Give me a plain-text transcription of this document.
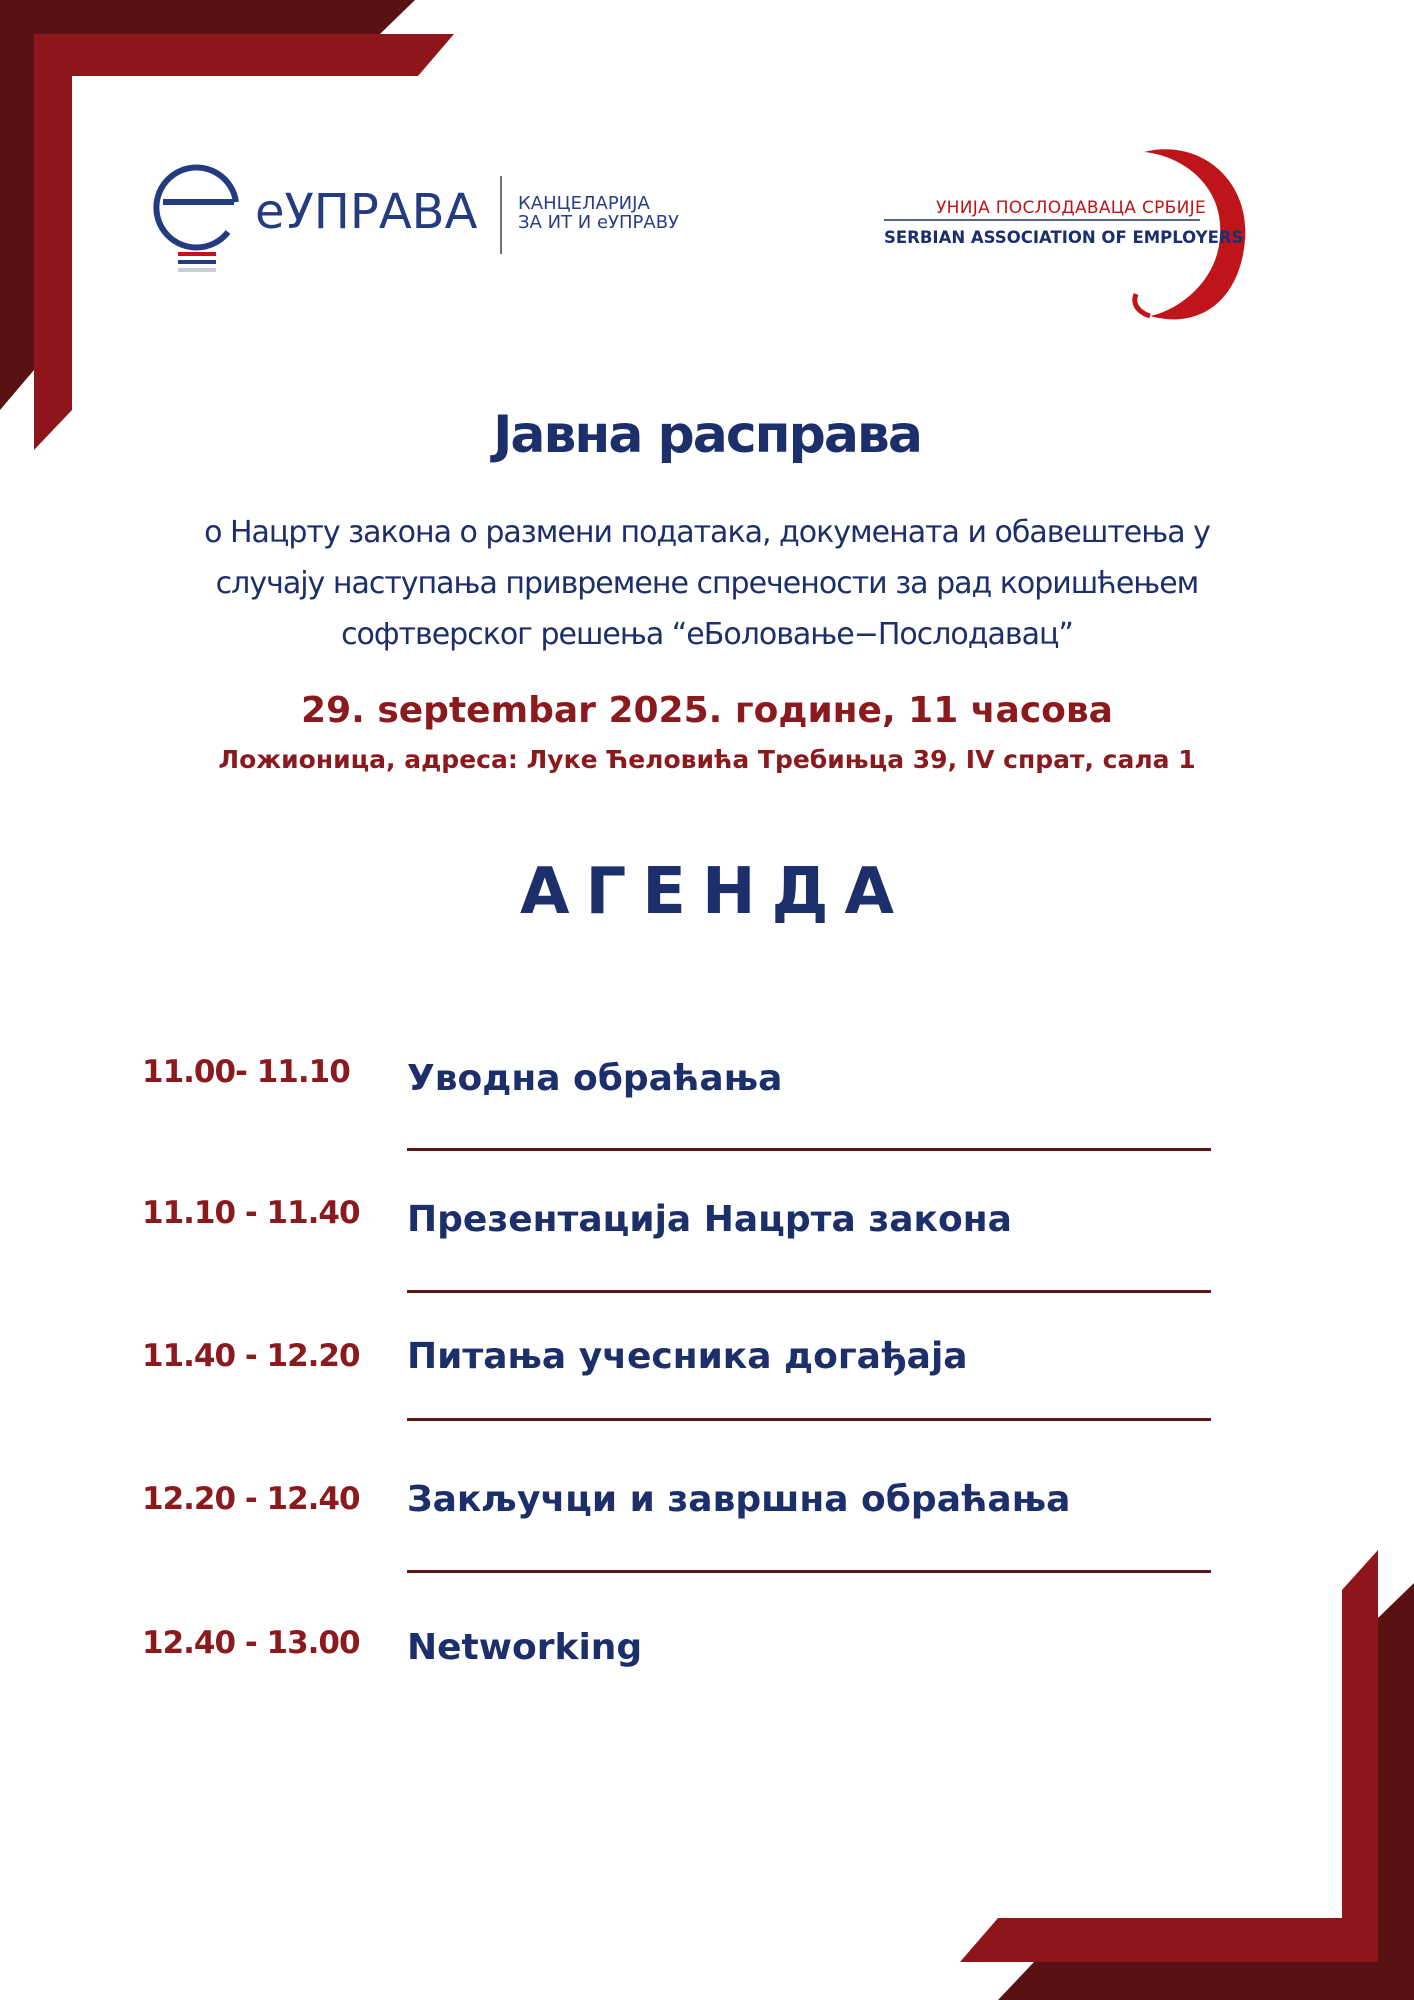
еУПРАВА КАНЦЕЛАРИЈА
ЗА ИТ И еУПРАВУ
УНИЈА ПОСЛОДАВАЦА СРБИЈЕ
SERBIAN ASSOCIATION OF EMPLOYERS
Јавна расправа
о Нацрту закона о размени података, докумената и обавештења у
случају наступања привремене спречености за рад коришћењем
софтверског решења “еБоловање−Послодавац”
29. septembar 2025. године, 11 часова
Ложионица, адреса: Луке Ћеловића Требињца 39, IV спрат, сала 1
АГЕНДА
11.00- 11.10 Уводна обраћања
11.10 - 11.40 Презентација Нацрта закона
11.40 - 12.20 Питања учесника догађаја
12.20 - 12.40 Закључци и завршна обраћања
12.40 - 13.00 Networking
